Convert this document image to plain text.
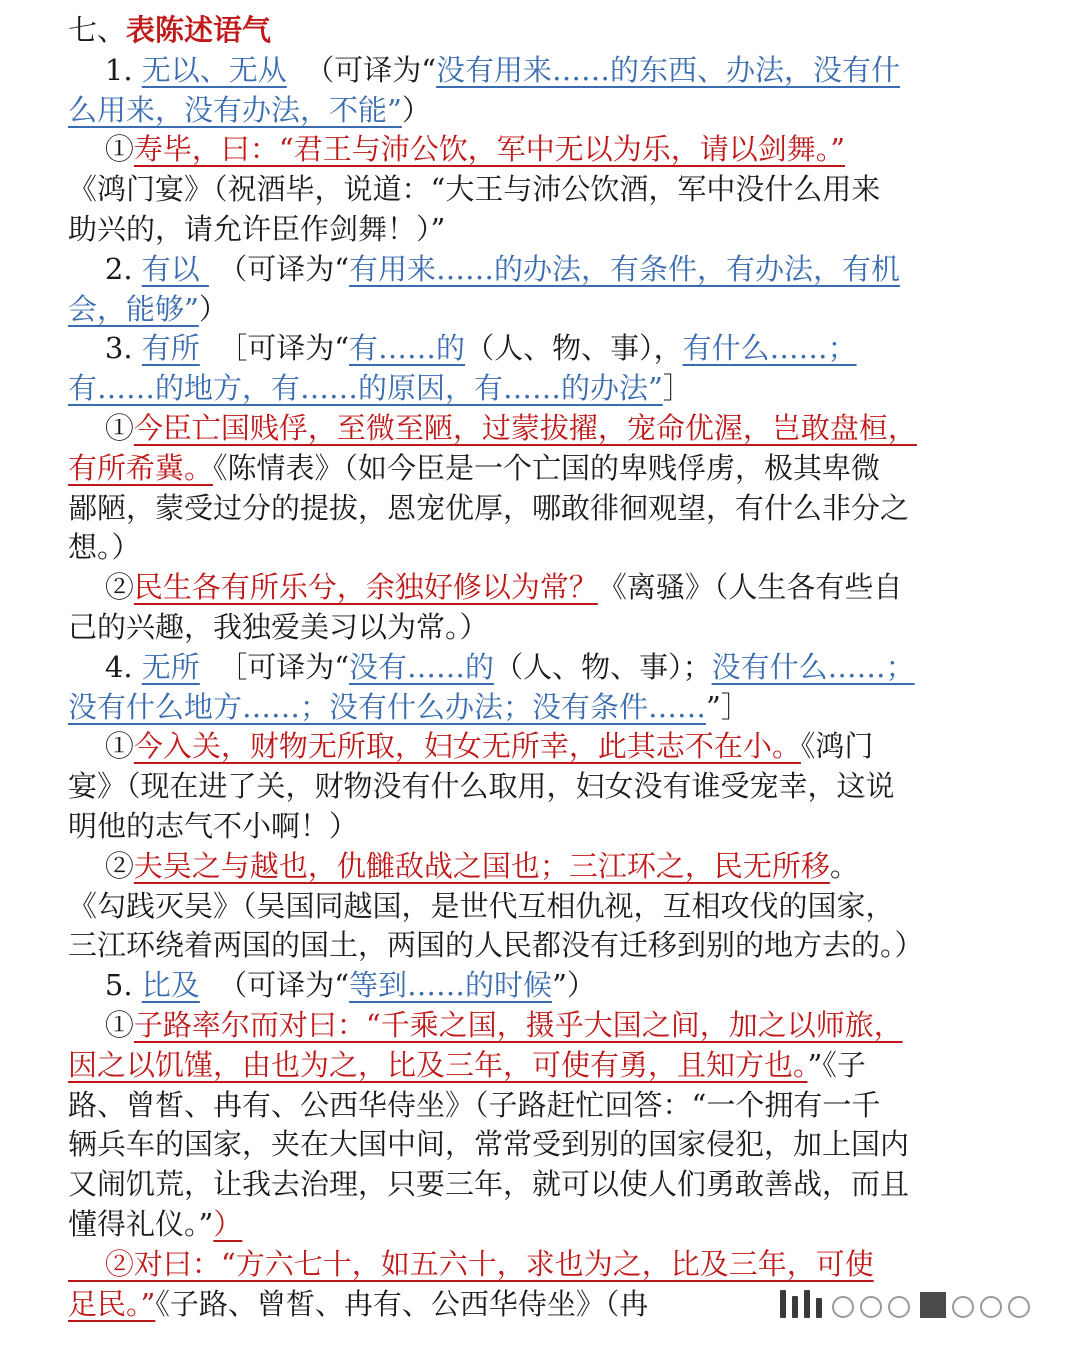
七、表陈述语气
1. 无以、无从  （可译为“没有用来……的东西、办法，没有什
么用来，没有办法，不能”）
①寿毕，曰：“君王与沛公饮，军中无以为乐，请以剑舞。”
《鸿门宴》（祝酒毕，说道：“大王与沛公饮酒，军中没什么用来
助兴的，请允许臣作剑舞！）”
2. 有以  （可译为“有用来……的办法，有条件，有办法，有机
会，能够”）
3. 有所  ［可译为“有……的（人、物、事），有什么……；
有……的地方，有……的原因，有……的办法”］
①今臣亡国贱俘，至微至陋，过蒙拔擢，宠命优渥，岂敢盘桓，
有所希冀。《陈情表》（如今臣是一个亡国的卑贱俘虏，极其卑微
鄙陋，蒙受过分的提拔，恩宠优厚，哪敢徘徊观望，有什么非分之
想。）
②民生各有所乐兮，余独好修以为常？《离骚》（人生各有些自
己的兴趣，我独爱美习以为常。）
4. 无所  ［可译为“没有……的（人、物、事）；没有什么……；
没有什么地方……；没有什么办法；没有条件……”］
①今入关，财物无所取，妇女无所幸，此其志不在小。《鸿门
宴》（现在进了关，财物没有什么取用，妇女没有谁受宠幸，这说
明他的志气不小啊！）
②夫吴之与越也，仇雠敌战之国也；三江环之，民无所移。
《勾践灭吴》（吴国同越国，是世代互相仇视，互相攻伐的国家，
三江环绕着两国的国土，两国的人民都没有迁移到别的地方去的。）
5. 比及  （可译为“等到……的时候”）
①子路率尔而对曰：“千乘之国，摄乎大国之间，加之以师旅，
因之以饥馑，由也为之，比及三年，可使有勇，且知方也。”《子
路、曾皙、冉有、公西华侍坐》（子路赶忙回答：“一个拥有一千
辆兵车的国家，夹在大国中间，常常受到别的国家侵犯，加上国内
又闹饥荒，让我去治理，只要三年，就可以使人们勇敢善战，而且
懂得礼仪。”）
②对曰：“方六七十，如五六十，求也为之，比及三年，可使
足民。”《子路、曾皙、冉有、公西华侍坐》（冉
